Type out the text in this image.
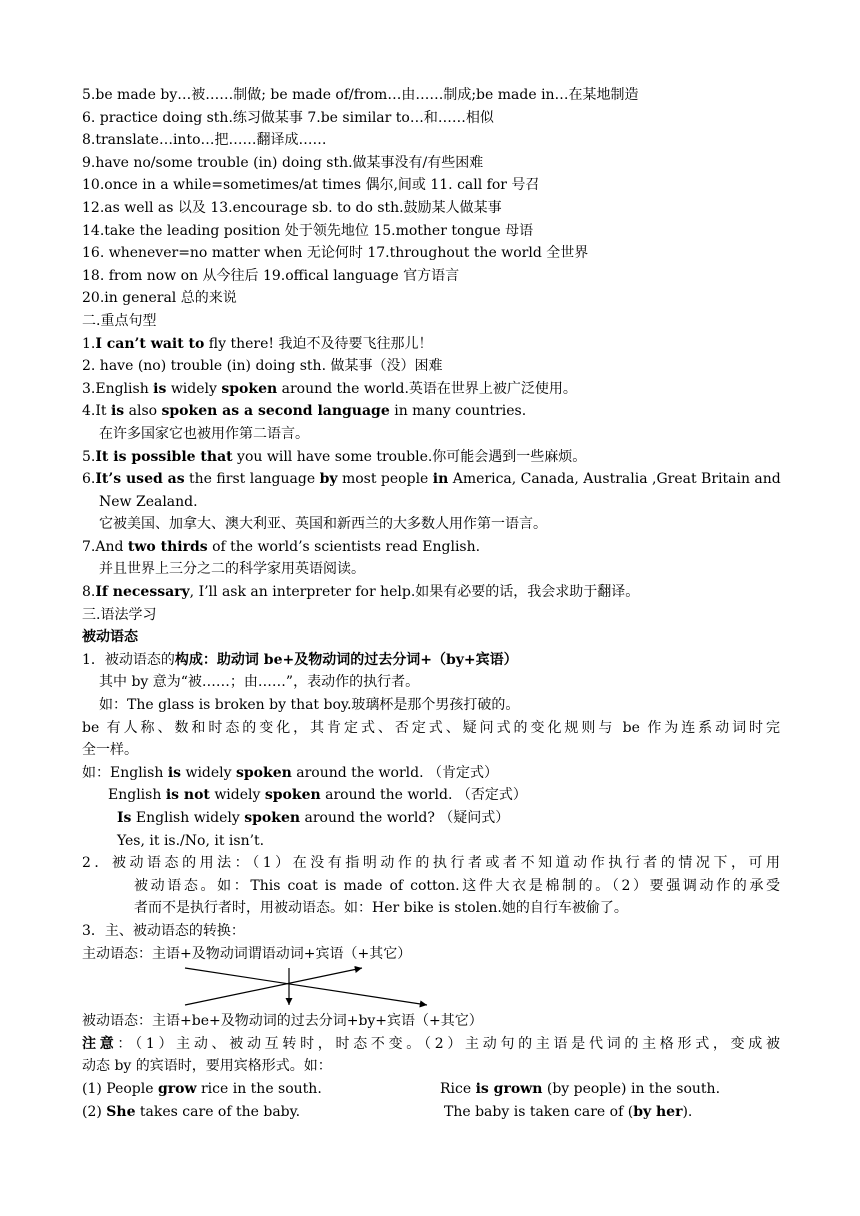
5.be made by…被……制做; be made of/from…由……制成;be made in…在某地制造
6. practice doing sth.练习做某事 7.be similar to…和……相似
8.translate…into…把……翻译成……
9.have no/some trouble (in) doing sth.做某事没有/有些困难
10.once in a while=sometimes/at times 偶尔,间或 11. call for 号召
12.as well as 以及 13.encourage sb. to do sth.鼓励某人做某事
14.take the leading position 处于领先地位 15.mother tongue 母语
16. whenever=no matter when 无论何时 17.throughout the world 全世界
18. from now on 从今往后 19.offical language 官方语言
20.in general 总的来说
二.重点句型
1.I can’t wait to fly there! 我迫不及待要飞往那儿！
2. have (no) trouble (in) doing sth. 做某事（没）困难
3.English is widely spoken around the world.英语在世界上被广泛使用。
4.It is also spoken as a second language in many countries.
在许多国家它也被用作第二语言。
5.It is possible that you will have some trouble.你可能会遇到一些麻烦。
6.It’s used as the first language by most people in America, Canada, Australia ,Great Britain and
New Zealand.
它被美国、加拿大、澳大利亚、英国和新西兰的大多数人用作第一语言。
7.And two thirds of the world’s scientists read English.
并且世界上三分之二的科学家用英语阅读。
8.If necessary, I’ll ask an interpreter for help.如果有必要的话，我会求助于翻译。
三.语法学习
被动语态
1．被动语态的构成：助动词 be+及物动词的过去分词+（by+宾语）
其中 by 意为“被……；由……”，表动作的执行者。
如：The glass is broken by that boy.玻璃杯是那个男孩打破的。
be 有人称、数和时态的变化，其肯定式、否定式、疑问式的变化规则与 be 作为连系动词时完
全一样。
如：English is widely spoken around the world. （肯定式）
English is not widely spoken around the world. （否定式）
Is English widely spoken around the world? （疑问式）
Yes, it is./No, it isn’t.
2．被动语态的用法：（1）在没有指明动作的执行者或者不知道动作执行者的情况下，可用
被动语态。如：This coat is made of cotton.这件大衣是棉制的。（2）要强调动作的承受
者而不是执行者时，用被动语态。如：Her bike is stolen.她的自行车被偷了。
3．主、被动语态的转换：
主动语态：主语+及物动词谓语动词+宾语（+其它）
被动语态：主语+be+及物动词的过去分词+by+宾语（+其它）
注意：（1）主动、被动互转时，时态不变。（2）主动句的主语是代词的主格形式，变成被
动态 by 的宾语时，要用宾格形式。如：
(1) People grow rice in the south.	Rice is grown (by people) in the south.
(2) She takes care of the baby.	The baby is taken care of (by her).
